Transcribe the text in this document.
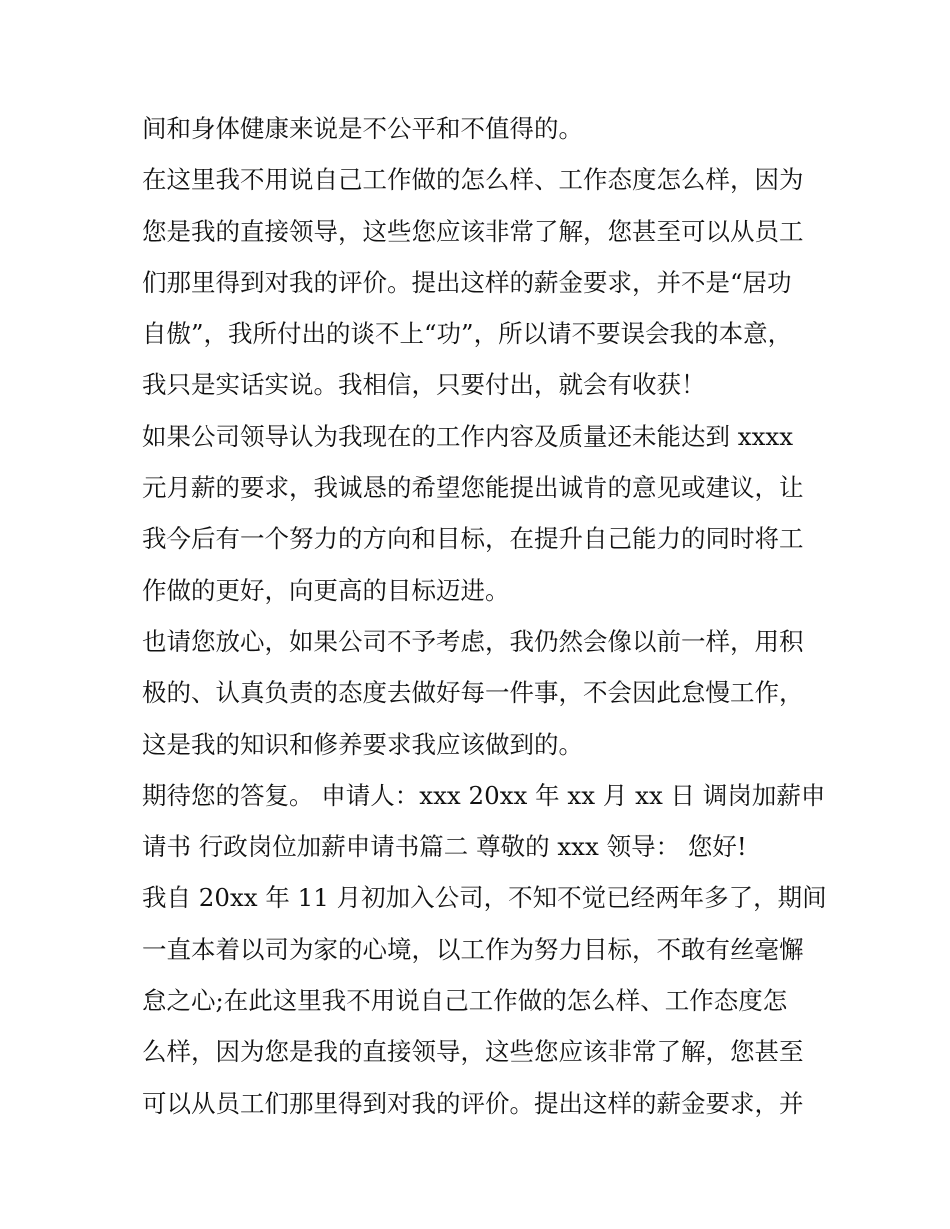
间和身体健康来说是不公平和不值得的。
在这里我不用说自己工作做的怎么样、工作态度怎么样，因为
您是我的直接领导，这些您应该非常了解，您甚至可以从员工
们那里得到对我的评价。提出这样的薪金要求，并不是“居功
自傲”，我所付出的谈不上“功”，所以请不要误会我的本意，
我只是实话实说。我相信，只要付出，就会有收获！
如果公司领导认为我现在的工作内容及质量还未能达到 xxxx
元月薪的要求，我诚恳的希望您能提出诚肯的意见或建议，让
我今后有一个努力的方向和目标，在提升自己能力的同时将工
作做的更好，向更高的目标迈进。
也请您放心，如果公司不予考虑，我仍然会像以前一样，用积
极的、认真负责的态度去做好每一件事，不会因此怠慢工作，
这是我的知识和修养要求我应该做到的。
期待您的答复。 申请人：xxx 20xx 年 xx 月 xx 日 调岗加薪申
请书 行政岗位加薪申请书篇二 尊敬的 xxx 领导： 您好!
我自 20xx 年 11 月初加入公司，不知不觉已经两年多了，期间
一直本着以司为家的心境，以工作为努力目标，不敢有丝毫懈
怠之心;在此这里我不用说自己工作做的怎么样、工作态度怎
么样，因为您是我的直接领导，这些您应该非常了解，您甚至
可以从员工们那里得到对我的评价。提出这样的薪金要求，并
